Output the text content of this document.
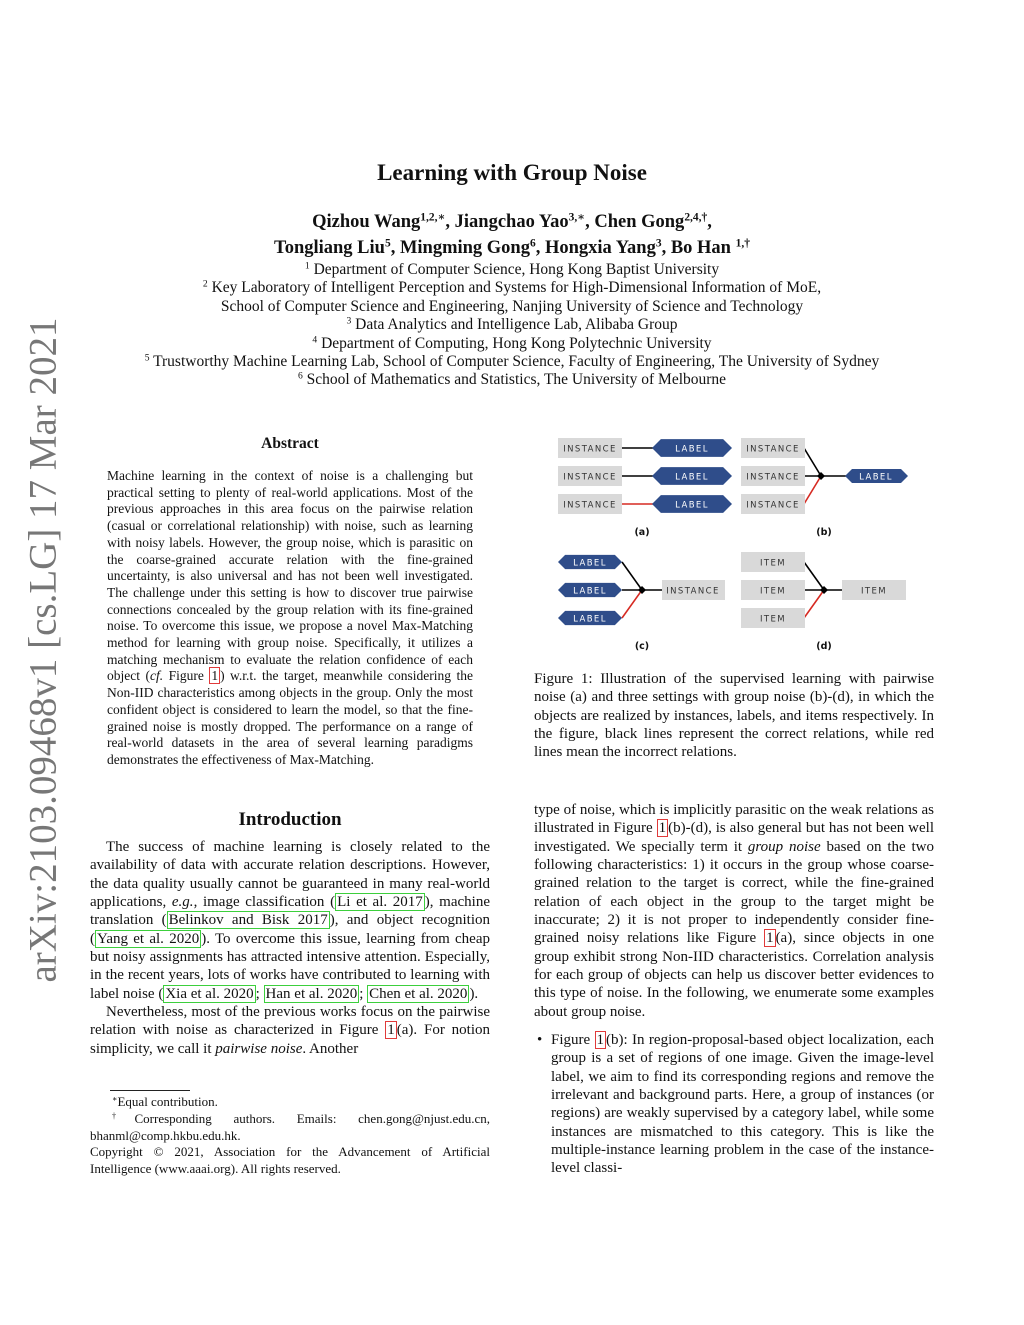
arXiv:2103.09468v1 [cs.LG] 17 Mar 2021
Learning with Group Noise
Qizhou Wang$^{1,2,∗}$, Jiangchao Yao$^{3,∗}$, Chen Gong$^{2,4,\dagger}$,
Tongliang Liu$^5$, Mingming Gong$^6$, Hongxia Yang$^3$, Bo Han $^{1,\dagger}$
$^1$ Department of Computer Science, Hong Kong Baptist University
$^2$ Key Laboratory of Intelligent Perception and Systems for High-Dimensional Information of MoE,
School of Computer Science and Engineering, Nanjing University of Science and Technology
$^3$ Data Analytics and Intelligence Lab, Alibaba Group
$^4$ Department of Computing, Hong Kong Polytechnic University
$^5$ Trustworthy Machine Learning Lab, School of Computer Science, Faculty of Engineering, The University of Sydney
$^6$ School of Mathematics and Statistics, The University of Melbourne
Abstract
Machine learning in the context of noise is a challenging but practical setting to plenty of real-world applications. Most of the previous approaches in this area focus on the pairwise relation (casual or correlational relationship) with noise, such as learning with noisy labels. However, the group noise, which is parasitic on the coarse-grained accurate relation with the fine-grained uncertainty, is also universal and has not been well investigated. The challenge under this setting is how to discover true pairwise connections concealed by the group relation with its fine-grained noise. To overcome this issue, we propose a novel Max-Matching method for learning with group noise. Specifically, it utilizes a matching mechanism to evaluate the relation confidence of each object (cf. Figure 1 ) w.r.t. the target, meanwhile considering the Non-IID characteristics among objects in the group. Only the most confident object is considered to learn the model, so that the fine-grained noise is mostly dropped. The performance on a range of real-world datasets in the area of several learning paradigms demonstrates the effectiveness of Max-Matching.
Introduction

The success of machine learning is closely related to the availability of data with accurate relation descriptions. However, the data quality usually cannot be guaranteed in many real-world applications, e.g., image classification ( Li et al. 2017 ), machine translation ( Belinkov and Bisk 2017 ), and object recognition ( Yang et al. 2020 ). To overcome this issue, learning from cheap but noisy assignments has attracted intensive attention. Especially, in the recent years, lots of works have contributed to learning with label noise ( Xia et al. 2020 ; Han et al. 2020 ; Chen et al. 2020 ).

Nevertheless, most of the previous works focus on the pairwise relation with noise as characterized in Figure 1 (a). For notion simplicity, we call it pairwise noise. Another

∗Equal contribution.
†Corresponding authors. Emails: chen.gong@njust.edu.cn, bhanml@comp.hkbu.edu.hk.
Copyright © 2021, Association for the Advancement of Artificial Intelligence (www.aaai.org). All rights reserved.
INSTANCE
INSTANCE
INSTANCE
LABEL
LABEL
LABEL
(a)
INSTANCE
INSTANCE
INSTANCE
LABEL
(b)
LABEL
LABEL
LABEL
INSTANCE
(c)
ITEM
ITEM
ITEM
ITEM
(d)
Figure 1: Illustration of the supervised learning with pairwise noise (a) and three settings with group noise (b)-(d), in which the objects are realized by instances, labels, and items respectively. In the figure, black lines represent the correct relations, while red lines mean the incorrect relations.

type of noise, which is implicitly parasitic on the weak relations as illustrated in Figure 1 (b)-(d), is also general but has not been well investigated. We specially term it group noise based on the two following characteristics: 1) it occurs in the group whose coarse-grained relation to the target is correct, while the fine-grained relation of each object in the group to the target might be inaccurate; 2) it is not proper to independently consider fine-grained noisy relations like Figure 1 (a), since objects in one group exhibit strong Non-IID characteristics. Correlation analysis for each group of objects can help us discover better evidences to this type of noise. In the following, we enumerate some examples about group noise.

• Figure 1 (b): In region-proposal-based object localization, each group is a set of regions of one image. Given the image-level label, we aim to find its corresponding regions and remove the irrelevant and background parts. Here, a group of instances (or regions) are weakly supervised by a category label, while some instances are mismatched to this category. This is like the multiple-instance learning problem in the case of the instance-level classi-
